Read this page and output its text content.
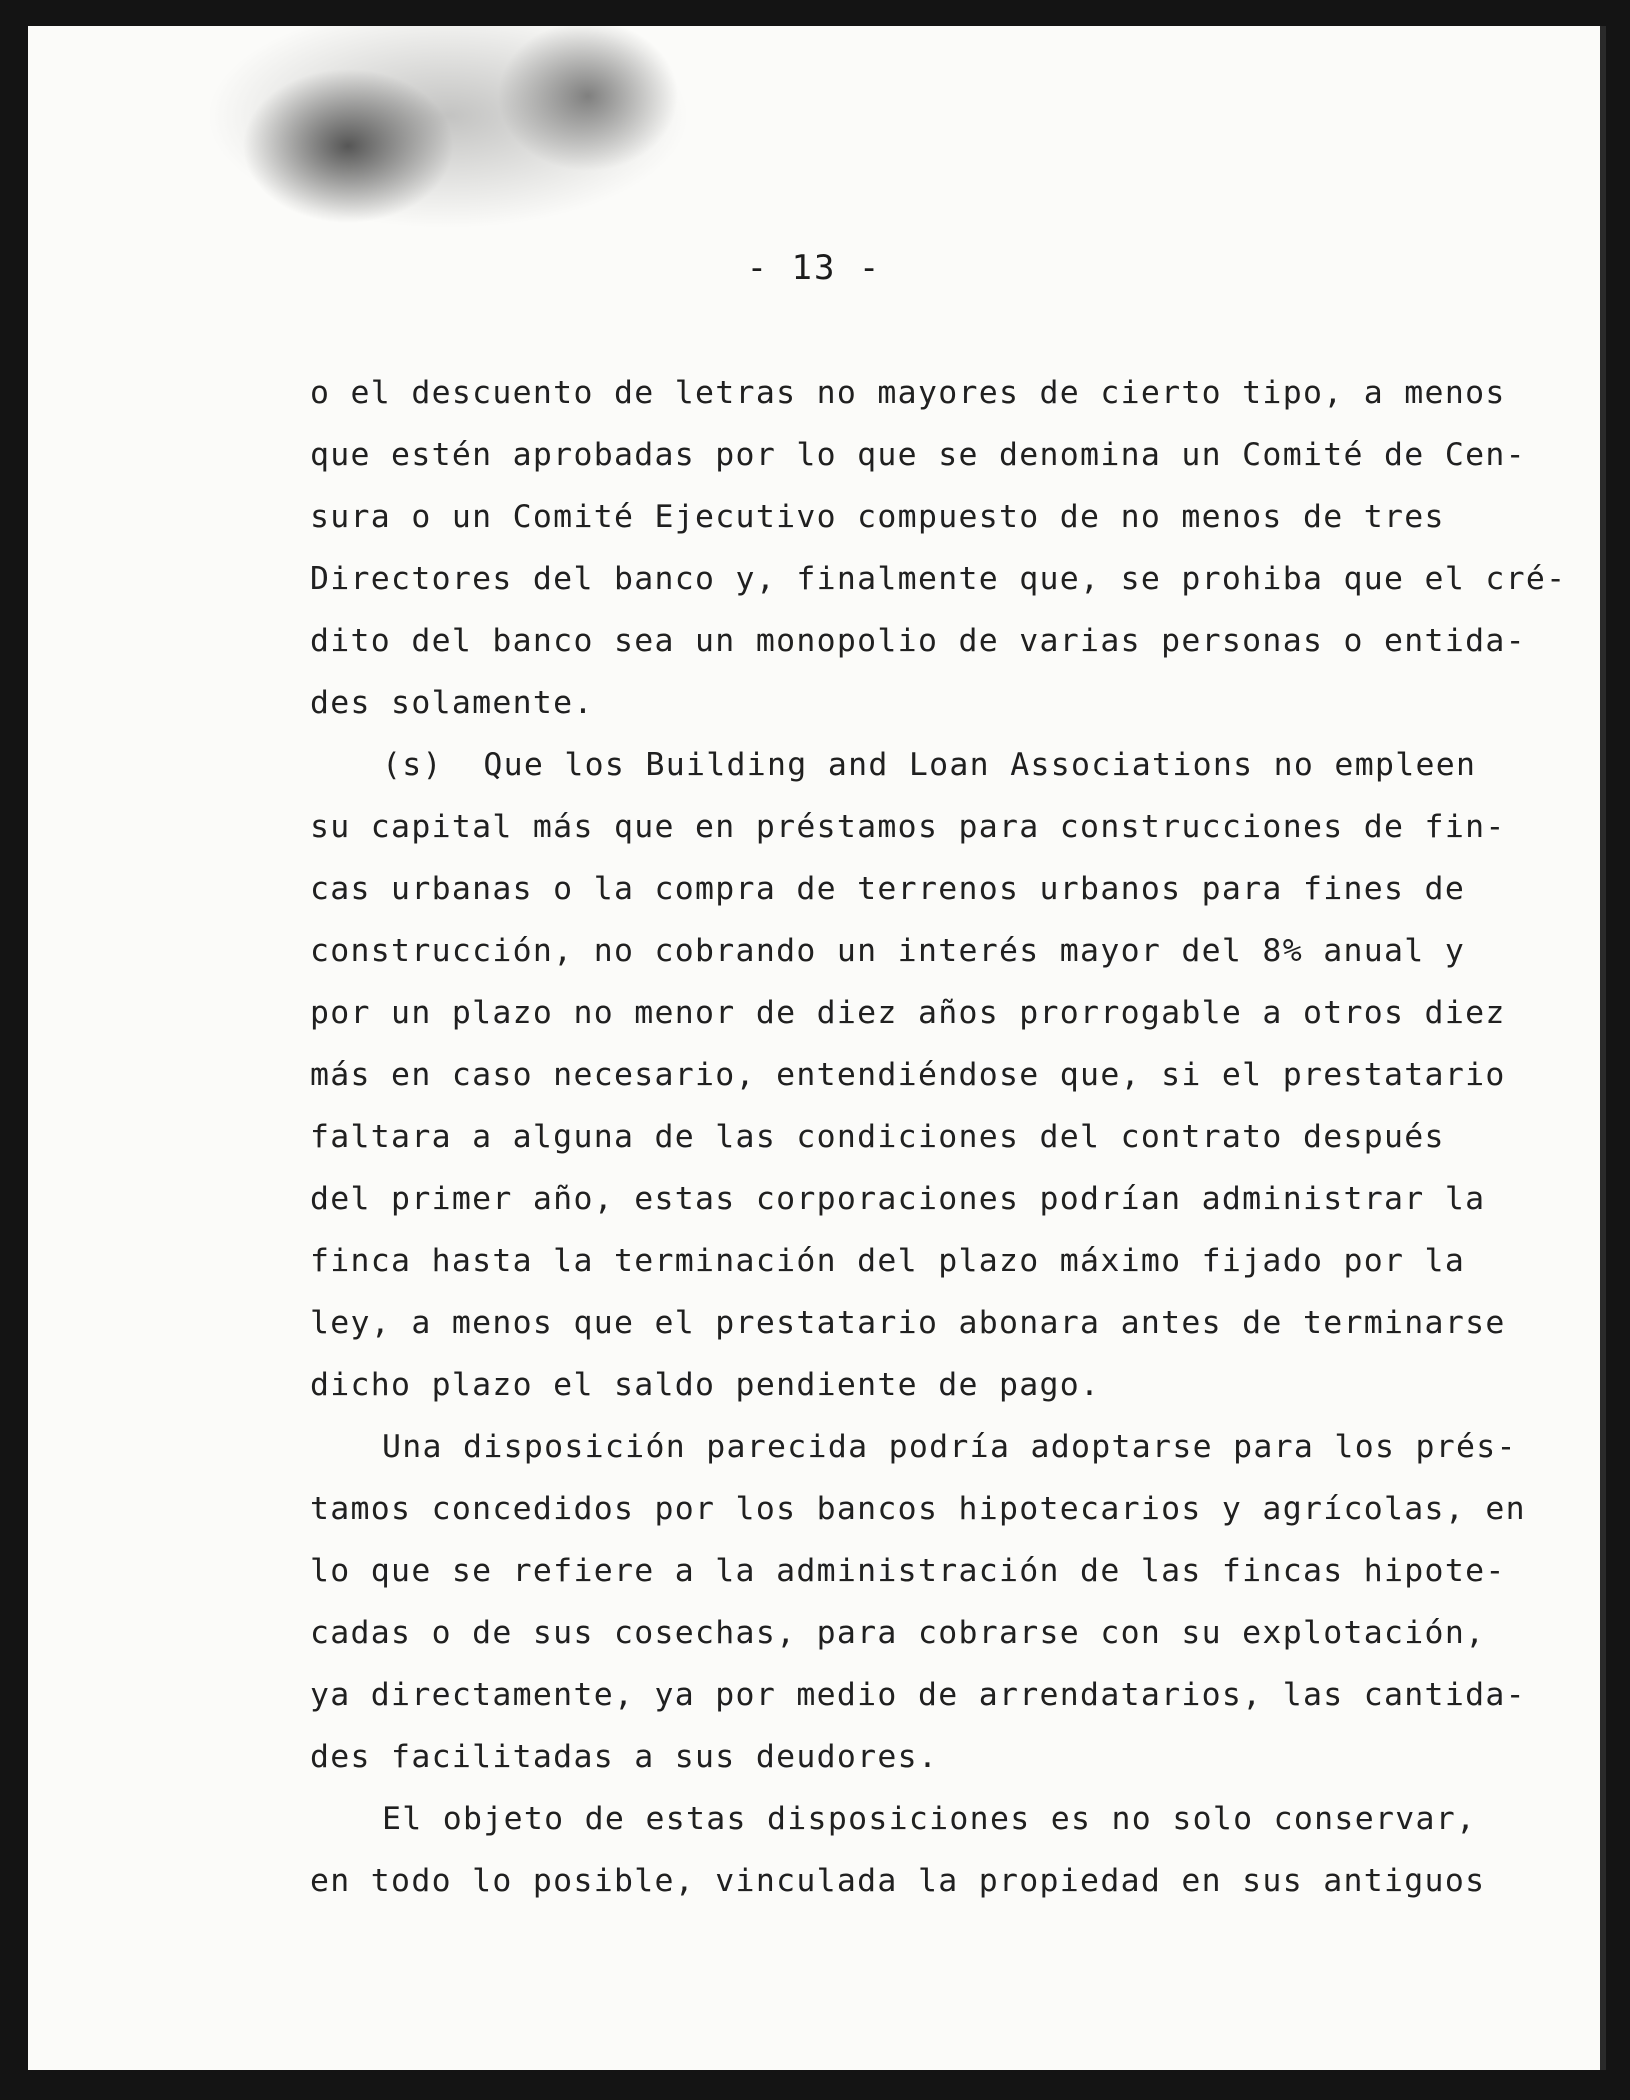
- 13 -
o el descuento de letras no mayores de cierto tipo, a menos
que estén aprobadas por lo que se denomina un Comité de Cen-
sura o un Comité Ejecutivo compuesto de no menos de tres
Directores del banco y, finalmente que, se prohiba que el cré-
dito del banco sea un monopolio de varias personas o entida-
des solamente.
(s)  Que los Building and Loan Associations no empleen
su capital más que en préstamos para construcciones de fin-
cas urbanas o la compra de terrenos urbanos para fines de
construcción, no cobrando un interés mayor del 8% anual y
por un plazo no menor de diez años prorrogable a otros diez
más en caso necesario, entendiéndose que, si el prestatario
faltara a alguna de las condiciones del contrato después
del primer año, estas corporaciones podrían administrar la
finca hasta la terminación del plazo máximo fijado por la
ley, a menos que el prestatario abonara antes de terminarse
dicho plazo el saldo pendiente de pago.
Una disposición parecida podría adoptarse para los prés-
tamos concedidos por los bancos hipotecarios y agrícolas, en
lo que se refiere a la administración de las fincas hipote-
cadas o de sus cosechas, para cobrarse con su explotación,
ya directamente, ya por medio de arrendatarios, las cantida-
des facilitadas a sus deudores.
El objeto de estas disposiciones es no solo conservar,
en todo lo posible, vinculada la propiedad en sus antiguos
